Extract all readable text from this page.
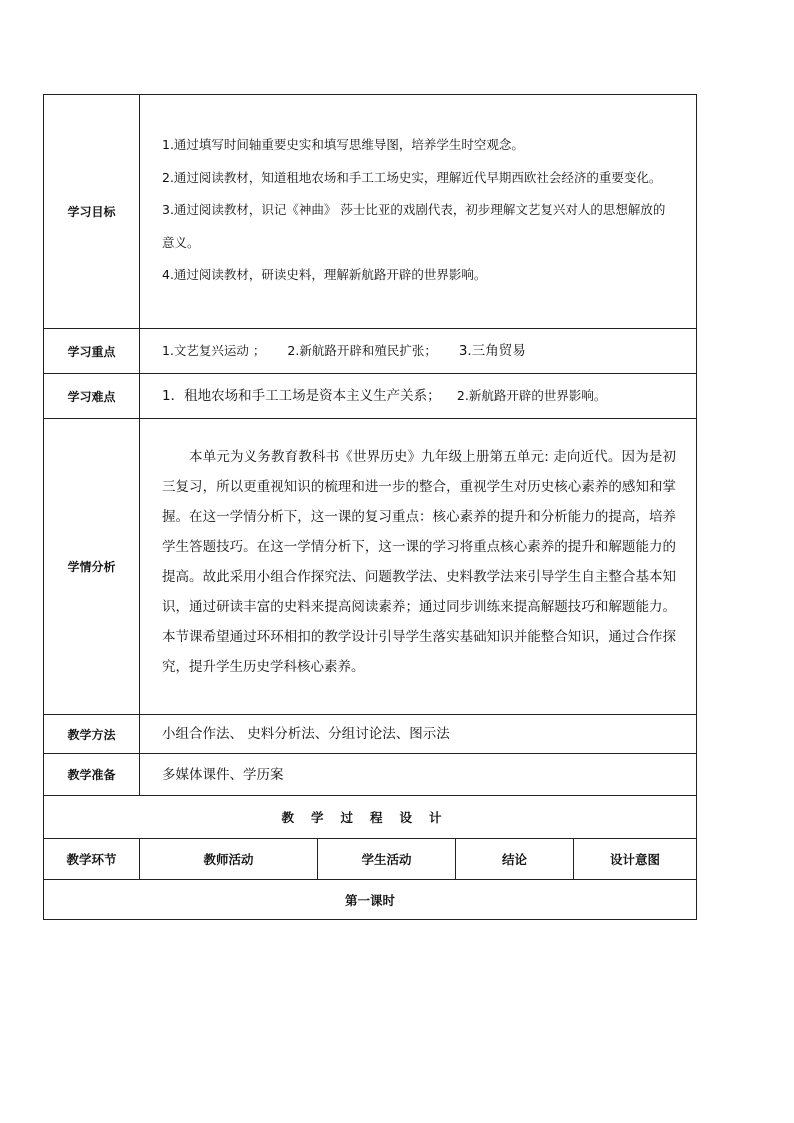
学习目标	1.通过填写时间轴重要史实和填写思维导图，培养学生时空观念。

2.通过阅读教材，知道租地农场和手工工场史实，理解近代早期西欧社会经济的重要变化。

3.通过阅读教材，识记《神曲》 莎士比亚的戏剧代表，初步理解文艺复兴对人的思想解放的意义。

4.通过阅读教材，研读史料，理解新航路开辟的世界影响。			

学习重点	1.文艺复兴运动 ； 2.新航路开辟和殖民扩张； 3.三角贸易			

学习难点	1．租地农场和手工工场是资本主义生产关系； 2.新航路开辟的世界影响。			

学情分析	本单元为义务教育教科书《世界历史》九年级上册第五单元: 走向近代。因为是初三复习，所以更重视知识的梳理和进一步的整合，重视学生对历史核心素养的感知和掌握。在这一学情分析下，这一课的复习重点：核心素养的提升和分析能力的提高，培养学生答题技巧。在这一学情分析下，这一课的学习将重点核心素养的提升和解题能力的提高。故此采用小组合作探究法、问题教学法、史料教学法来引导学生自主整合基本知识，通过研读丰富的史料来提高阅读素养；通过同步训练来提高解题技巧和解题能力。本节课希望通过环环相扣的教学设计引导学生落实基础知识并能整合知识，通过合作探究，提升学生历史学科核心素养。			

教学方法	小组合作法、 史料分析法、分组讨论法、图示法			

教学准备	多媒体课件、学历案			

教学过程设计				
教学环节	教师活动	学生活动	结论	设计意图
第一课时				
